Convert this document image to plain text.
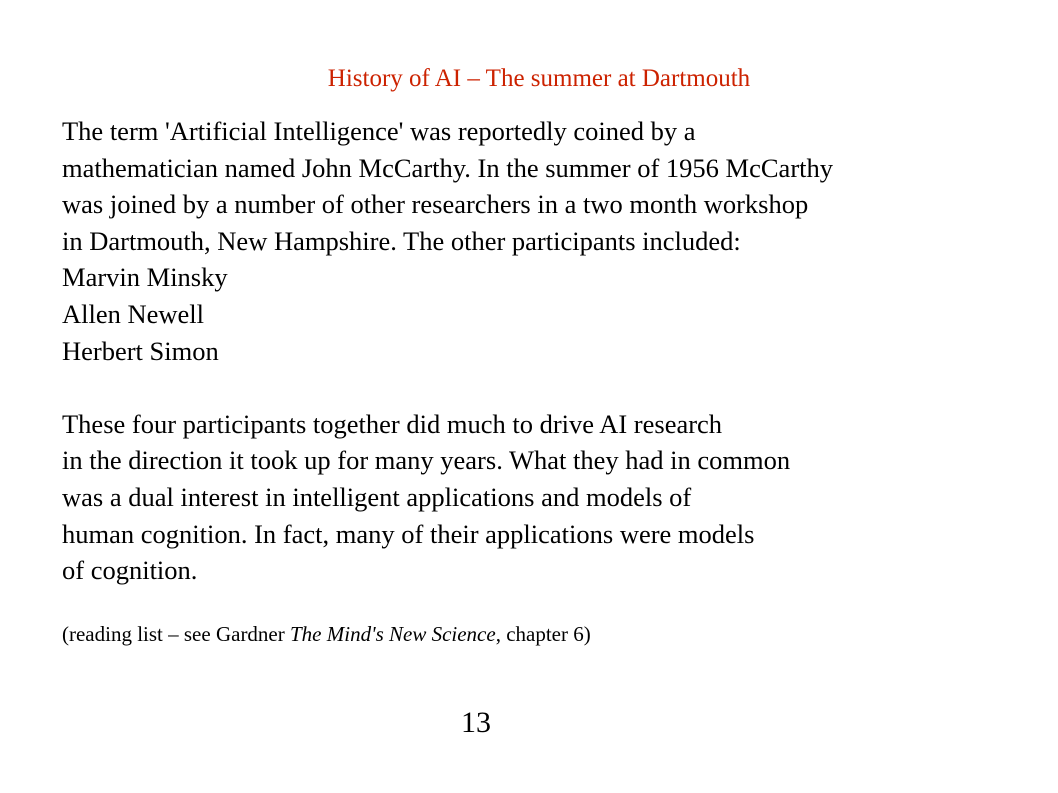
History of AI – The summer at Dartmouth
The term 'Artificial Intelligence' was reportedly coined by a
mathematician named John McCarthy. In the summer of 1956 McCarthy
was joined by a number of other researchers in a two month workshop
in Dartmouth, New Hampshire. The other participants included:
Marvin Minsky
Allen Newell
Herbert Simon
These four participants together did much to drive AI research
in the direction it took up for many years. What they had in common
was a dual interest in intelligent applications and models of
human cognition. In fact, many of their applications were models
of cognition.
(reading list – see Gardner The Mind's New Science, chapter 6)
13
